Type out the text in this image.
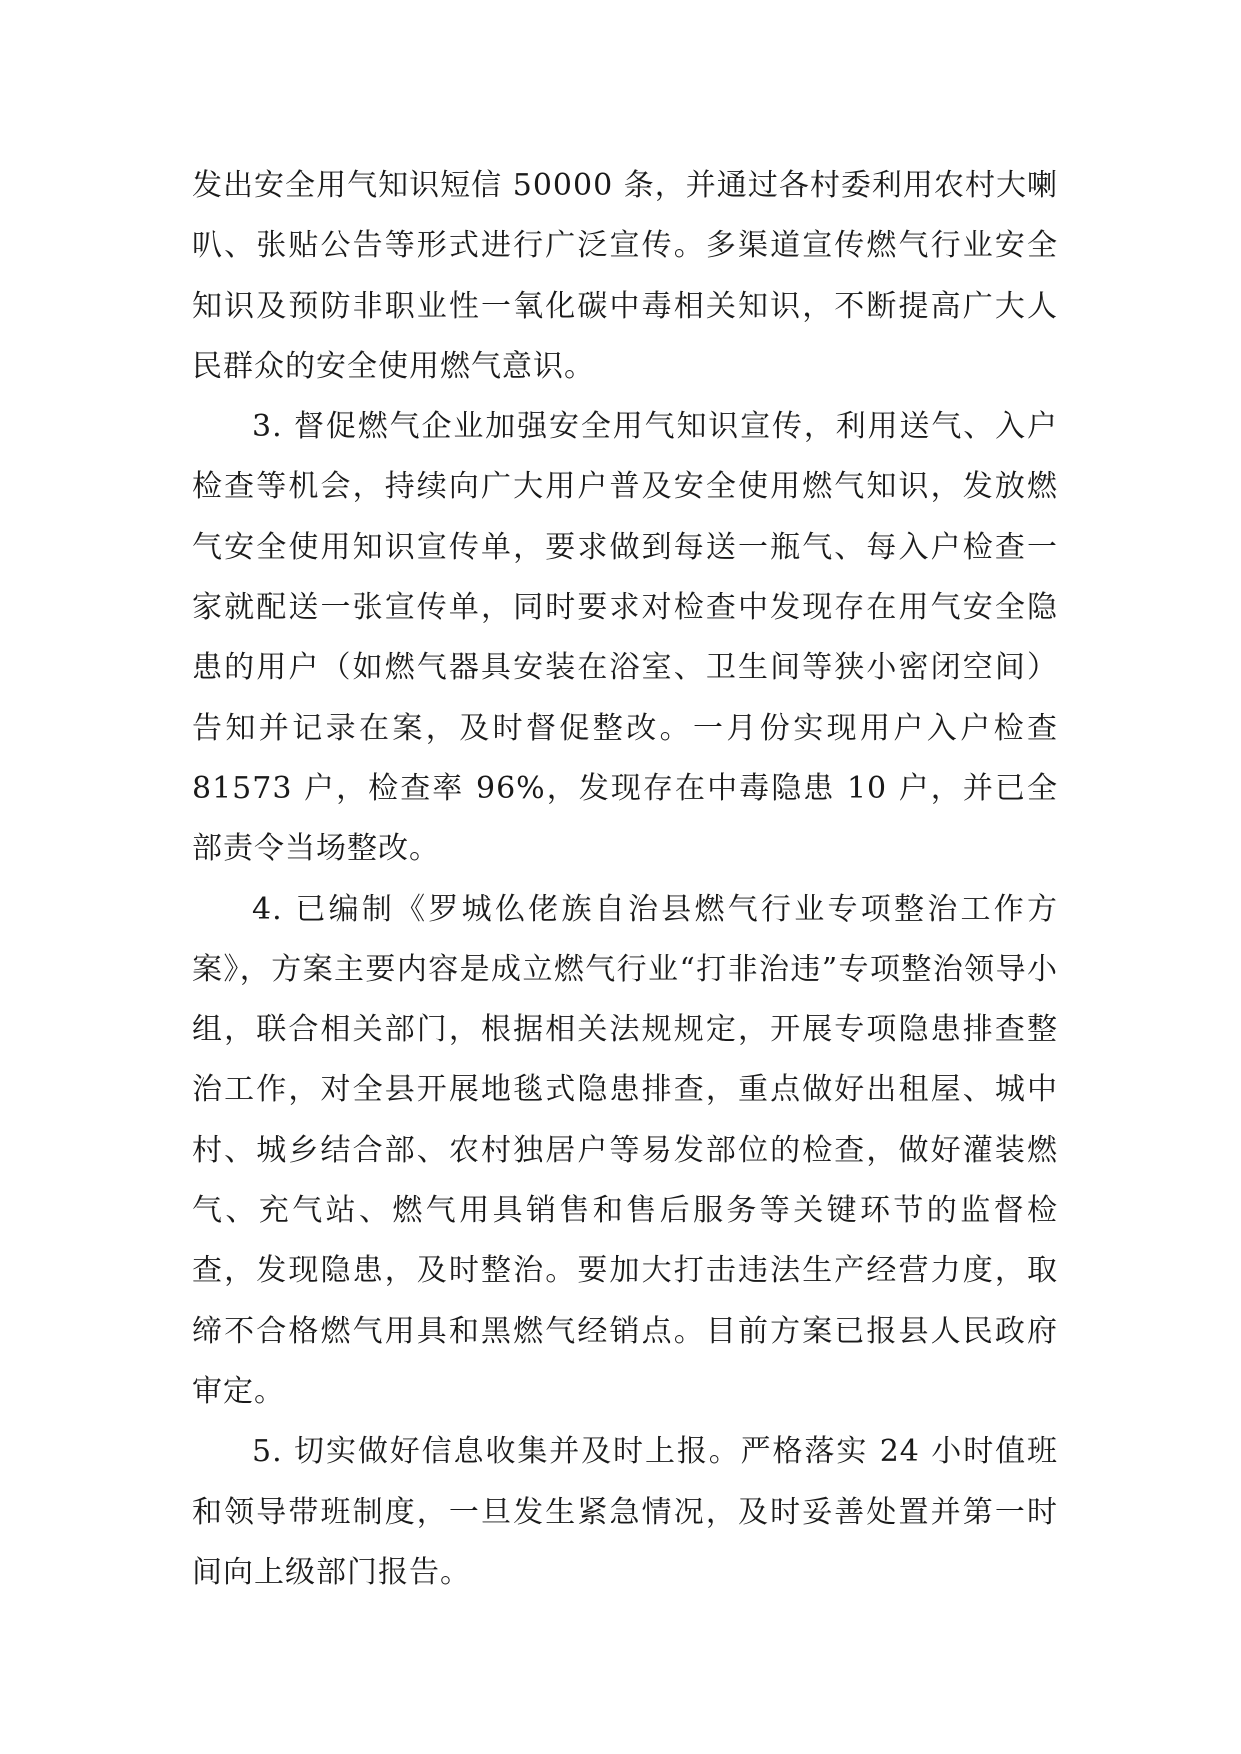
发出安全用气知识短信 50000 条，并通过各村委利用农村大喇叭、张贴公告等形式进行广泛宣传。多渠道宣传燃气行业安全知识及预防非职业性一氧化碳中毒相关知识，不断提高广大人民群众的安全使用燃气意识。

3. 督促燃气企业加强安全用气知识宣传，利用送气、入户检查等机会，持续向广大用户普及安全使用燃气知识，发放燃气安全使用知识宣传单，要求做到每送一瓶气、每入户检查一家就配送一张宣传单，同时要求对检查中发现存在用气安全隐患的用户（如燃气器具安装在浴室、卫生间等狭小密闭空间）告知并记录在案，及时督促整改。一月份实现用户入户检查 81573 户，检查率 96%，发现存在中毒隐患 10 户，并已全部责令当场整改。

4. 已编制《罗城仫佬族自治县燃气行业专项整治工作方案》，方案主要内容是成立燃气行业“打非治违”专项整治领导小组，联合相关部门，根据相关法规规定，开展专项隐患排查整治工作，对全县开展地毯式隐患排查，重点做好出租屋、城中村、城乡结合部、农村独居户等易发部位的检查，做好灌装燃气、充气站、燃气用具销售和售后服务等关键环节的监督检查，发现隐患，及时整治。要加大打击违法生产经营力度，取缔不合格燃气用具和黑燃气经销点。目前方案已报县人民政府审定。

5. 切实做好信息收集并及时上报。严格落实 24 小时值班和领导带班制度，一旦发生紧急情况，及时妥善处置并第一时间向上级部门报告。
